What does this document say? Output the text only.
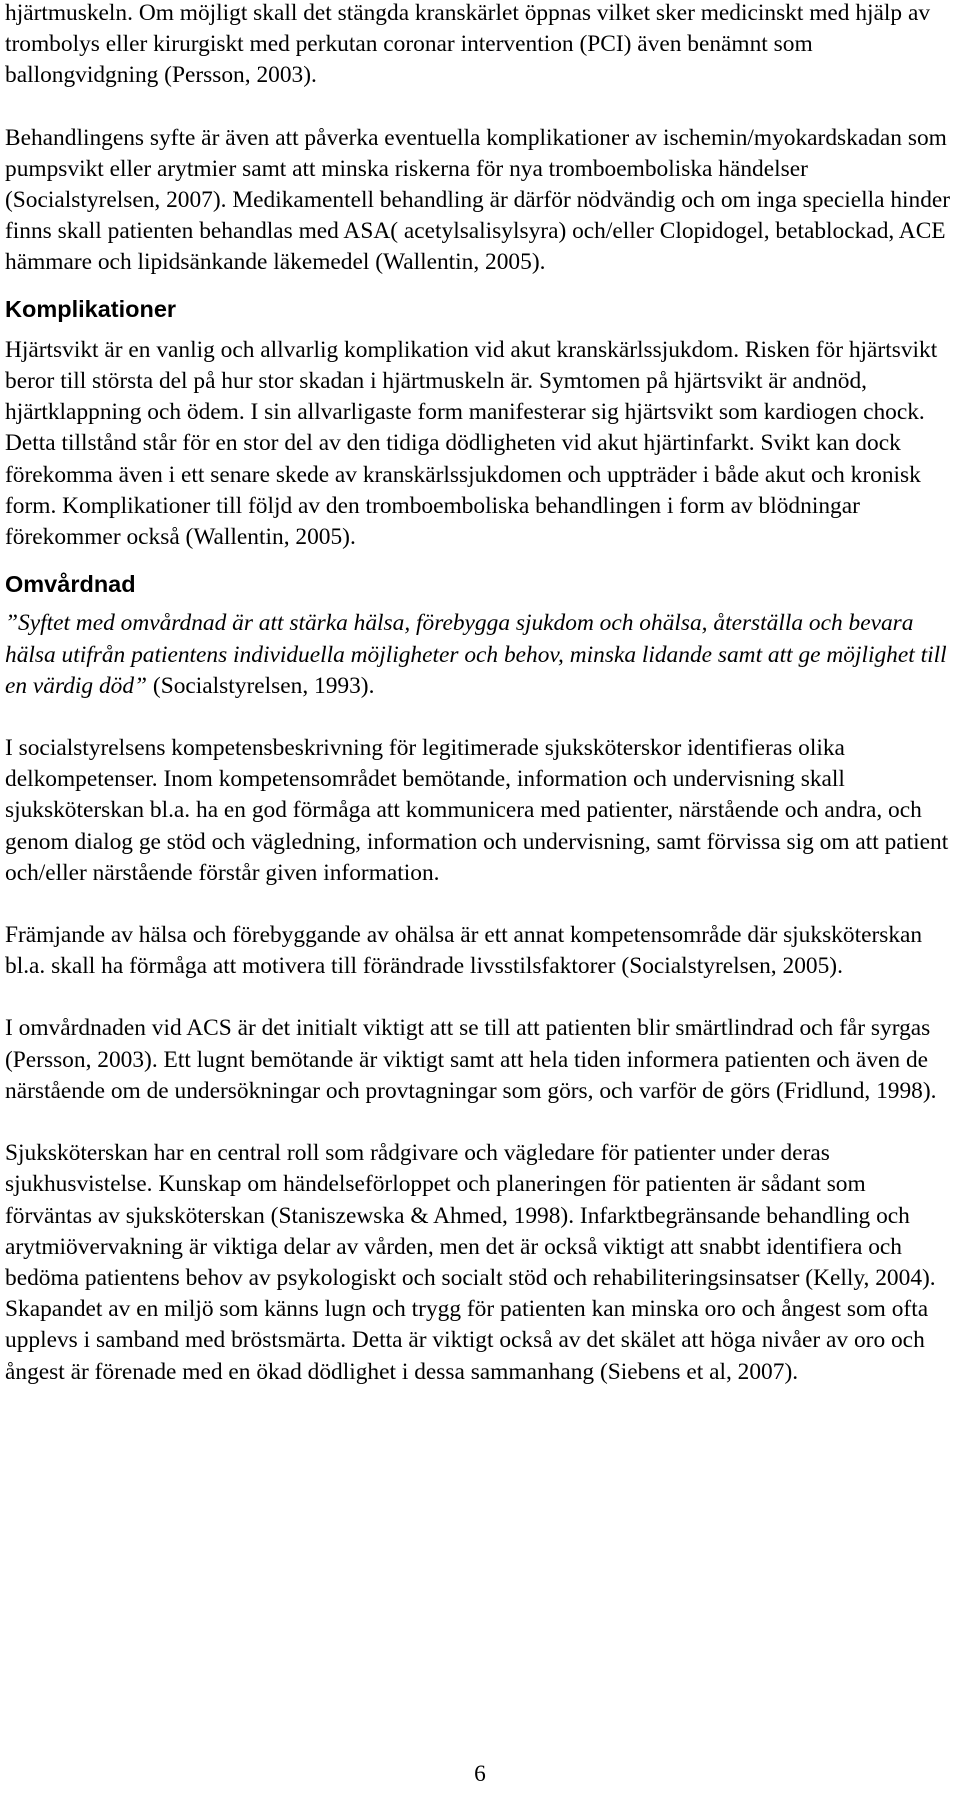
hjärtmuskeln. Om möjligt skall det stängda kranskärlet öppnas vilket sker medicinskt med hjälp av trombolys eller kirurgiskt med perkutan coronar intervention (PCI) även benämnt som ballongvidgning (Persson, 2003).

Behandlingens syfte är även att påverka eventuella komplikationer av ischemin/myokardskadan som pumpsvikt eller arytmier samt att minska riskerna för nya tromboemboliska händelser (Socialstyrelsen, 2007). Medikamentell behandling är därför nödvändig och om inga speciella hinder finns skall patienten behandlas med ASA( acetylsalisylsyra) och/eller Clopidogel, betablockad, ACE hämmare och lipidsänkande läkemedel (Wallentin, 2005).

Komplikationer

Hjärtsvikt är en vanlig och allvarlig komplikation vid akut kranskärlssjukdom. Risken för hjärtsvikt beror till största del på hur stor skadan i hjärtmuskeln är. Symtomen på hjärtsvikt är andnöd, hjärtklappning och ödem. I sin allvarligaste form manifesterar sig hjärtsvikt som kardiogen chock. Detta tillstånd står för en stor del av den tidiga dödligheten vid akut hjärtinfarkt. Svikt kan dock förekomma även i ett senare skede av kranskärlssjukdomen och uppträder i både akut och kronisk form. Komplikationer till följd av den tromboemboliska behandlingen i form av blödningar förekommer också (Wallentin, 2005).

Omvårdnad

”Syftet med omvårdnad är att stärka hälsa, förebygga sjukdom och ohälsa, återställa och bevara hälsa utifrån patientens individuella möjligheter och behov, minska lidande samt att ge möjlighet till en värdig död” (Socialstyrelsen, 1993).

I socialstyrelsens kompetensbeskrivning för legitimerade sjuksköterskor identifieras olika delkompetenser. Inom kompetensområdet bemötande, information och undervisning skall sjuksköterskan bl.a. ha en god förmåga att kommunicera med patienter, närstående och andra, och genom dialog ge stöd och vägledning, information och undervisning, samt förvissa sig om att patient och/eller närstående förstår given information.

Främjande av hälsa och förebyggande av ohälsa är ett annat kompetensområde där sjuksköterskan bl.a. skall ha förmåga att motivera till förändrade livsstilsfaktorer (Socialstyrelsen, 2005).

I omvårdnaden vid ACS är det initialt viktigt att se till att patienten blir smärtlindrad och får syrgas (Persson, 2003). Ett lugnt bemötande är viktigt samt att hela tiden informera patienten och även de närstående om de undersökningar och provtagningar som görs, och varför de görs (Fridlund, 1998).

Sjuksköterskan har en central roll som rådgivare och vägledare för patienter under deras sjukhusvistelse. Kunskap om händelseförloppet och planeringen för patienten är sådant som förväntas av sjuksköterskan (Staniszewska & Ahmed, 1998). Infarktbegränsande behandling och arytmiövervakning är viktiga delar av vården, men det är också viktigt att snabbt identifiera och bedöma patientens behov av psykologiskt och socialt stöd och rehabiliteringsinsatser (Kelly, 2004). Skapandet av en miljö som känns lugn och trygg för patienten kan minska oro och ångest som ofta upplevs i samband med bröstsmärta. Detta är viktigt också av det skälet att höga nivåer av oro och ångest är förenade med en ökad dödlighet i dessa sammanhang (Siebens et al, 2007).

6
